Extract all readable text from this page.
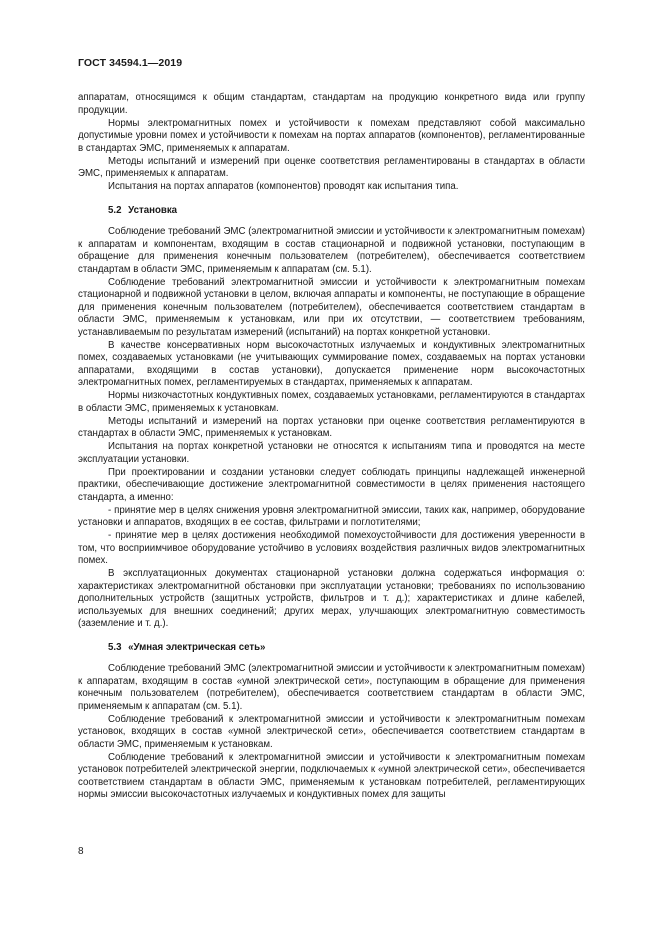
ГОСТ 34594.1—2019

аппаратам, относящимся к общим стандартам, стандартам на продукцию конкретного вида или группу продукции.

Нормы электромагнитных помех и устойчивости к помехам представляют собой максимально допустимые уровни помех и устойчивости к помехам на портах аппаратов (компонентов), регламентированные в стандартах ЭМС, применяемых к аппаратам.

Методы испытаний и измерений при оценке соответствия регламентированы в стандартах в области ЭМС, применяемых к аппаратам.

Испытания на портах аппаратов (компонентов) проводят как испытания типа.

5.2 Установка

Соблюдение требований ЭМС (электромагнитной эмиссии и устойчивости к электромагнитным помехам) к аппаратам и компонентам, входящим в состав стационарной и подвижной установки, поступающим в обращение для применения конечным пользователем (потребителем), обеспечивается соответствием стандартам в области ЭМС, применяемым к аппаратам (см. 5.1).

Соблюдение требований электромагнитной эмиссии и устойчивости к электромагнитным помехам стационарной и подвижной установки в целом, включая аппараты и компоненты, не поступающие в обращение для применения конечным пользователем (потребителем), обеспечивается соответствием стандартам в области ЭМС, применяемым к установкам, или при их отсутствии, — соответствием требованиям, устанавливаемым по результатам измерений (испытаний) на портах конкретной установки.

В качестве консервативных норм высокочастотных излучаемых и кондуктивных электромагнитных помех, создаваемых установками (не учитывающих суммирование помех, создаваемых на портах установки аппаратами, входящими в состав установки), допускается применение норм высокочастотных электромагнитных помех, регламентируемых в стандартах, применяемых к аппаратам.

Нормы низкочастотных кондуктивных помех, создаваемых установками, регламентируются в стандартах в области ЭМС, применяемых к установкам.

Методы испытаний и измерений на портах установки при оценке соответствия регламентируются в стандартах в области ЭМС, применяемых к установкам.

Испытания на портах конкретной установки не относятся к испытаниям типа и проводятся на месте эксплуатации установки.

При проектировании и создании установки следует соблюдать принципы надлежащей инженерной практики, обеспечивающие достижение электромагнитной совместимости в целях применения настоящего стандарта, а именно:

- принятие мер в целях снижения уровня электромагнитной эмиссии, таких как, например, оборудование установки и аппаратов, входящих в ее состав, фильтрами и поглотителями;

- принятие мер в целях достижения необходимой помехоустойчивости для достижения уверенности в том, что восприимчивое оборудование устойчиво в условиях воздействия различных видов электромагнитных помех.

В эксплуатационных документах стационарной установки должна содержаться информация о: характеристиках электромагнитной обстановки при эксплуатации установки; требованиях по использованию дополнительных устройств (защитных устройств, фильтров и т. д.); характеристиках и длине кабелей, используемых для внешних соединений; других мерах, улучшающих электромагнитную совместимость (заземление и т. д.).

5.3 «Умная электрическая сеть»

Соблюдение требований ЭМС (электромагнитной эмиссии и устойчивости к электромагнитным помехам) к аппаратам, входящим в состав «умной электрической сети», поступающим в обращение для применения конечным пользователем (потребителем), обеспечивается соответствием стандартам в области ЭМС, применяемым к аппаратам (см. 5.1).

Соблюдение требований к электромагнитной эмиссии и устойчивости к электромагнитным помехам установок, входящих в состав «умной электрической сети», обеспечивается соответствием стандартам в области ЭМС, применяемым к установкам.

Соблюдение требований к электромагнитной эмиссии и устойчивости к электромагнитным помехам установок потребителей электрической энергии, подключаемых к «умной электрической сети», обеспечивается соответствием стандартам в области ЭМС, применяемым к установкам потребителей, регламентирующих нормы эмиссии высокочастотных излучаемых и кондуктивных помех для защиты

8
